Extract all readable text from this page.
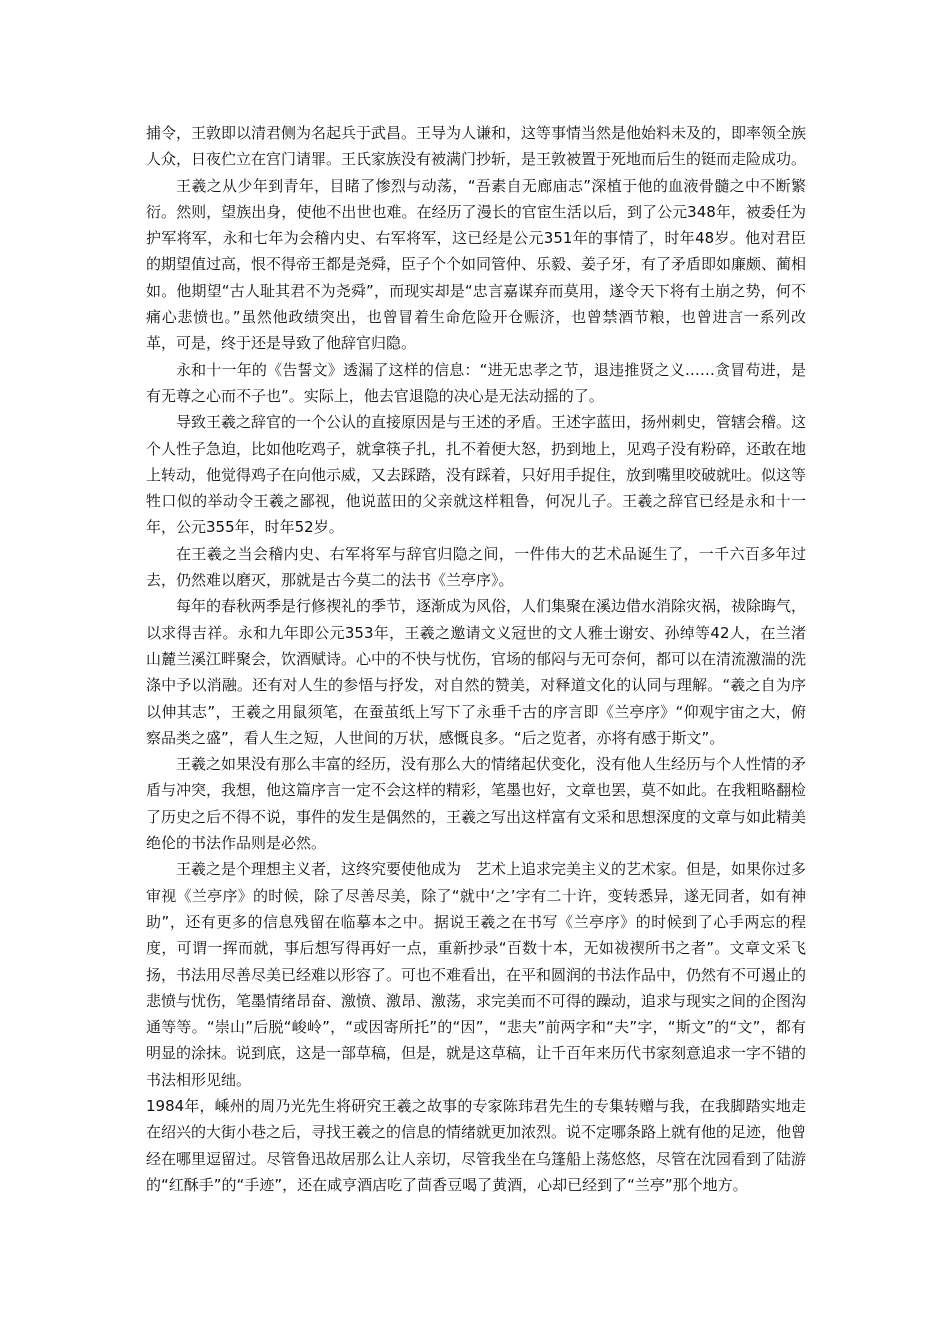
捕令，王敦即以清君侧为名起兵于武昌。王导为人谦和，这等事情当然是他始料未及的，即率领全族人众，日夜伫立在宫门请罪。王氏家族没有被满门抄斩，是王敦被置于死地而后生的铤而走险成功。

王羲之从少年到青年，目睹了惨烈与动荡，“吾素自无廊庙志”深植于他的血液骨髓之中不断繁衍。然则，望族出身，使他不出世也难。在经历了漫长的官宦生活以后，到了公元348年，被委任为护军将军，永和七年为会稽内史、右军将军，这已经是公元351年的事情了，时年48岁。他对君臣的期望值过高，恨不得帝王都是尧舜，臣子个个如同管仲、乐毅、姜子牙，有了矛盾即如廉颇、蔺相如。他期望“古人耻其君不为尧舜”，而现实却是“忠言嘉谋弃而莫用，遂令天下将有土崩之势，何不痛心悲愤也。”虽然他政绩突出，也曾冒着生命危险开仓赈济，也曾禁酒节粮，也曾进言一系列改革，可是，终于还是导致了他辞官归隐。

永和十一年的《告誓文》透漏了这样的信息：“进无忠孝之节，退违推贤之义……贪冒苟进，是有无尊之心而不子也”。实际上，他去官退隐的决心是无法动摇的了。

导致王羲之辞官的一个公认的直接原因是与王述的矛盾。王述字蓝田，扬州刺史，管辖会稽。这个人性子急迫，比如他吃鸡子，就拿筷子扎，扎不着便大怒，扔到地上，见鸡子没有粉碎，还敢在地上转动，他觉得鸡子在向他示威，又去踩踏，没有踩着，只好用手捉住，放到嘴里咬破就吐。似这等牲口似的举动令王羲之鄙视，他说蓝田的父亲就这样粗鲁，何况儿子。王羲之辞官已经是永和十一年，公元355年，时年52岁。

在王羲之当会稽内史、右军将军与辞官归隐之间，一件伟大的艺术品诞生了，一千六百多年过去，仍然难以磨灭，那就是古今莫二的法书《兰亭序》。

每年的春秋两季是行修禊礼的季节，逐渐成为风俗，人们集聚在溪边借水消除灾祸，祓除晦气，以求得吉祥。永和九年即公元353年，王羲之邀请文义冠世的文人雅士谢安、孙绰等42人，在兰渚山麓兰溪江畔聚会，饮酒赋诗。心中的不快与忧伤，官场的郁闷与无可奈何，都可以在清流激湍的洗涤中予以消融。还有对人生的参悟与抒发，对自然的赞美，对释道文化的认同与理解。“羲之自为序以伸其志”，王羲之用鼠须笔，在蚕茧纸上写下了永垂千古的序言即《兰亭序》“仰观宇宙之大，俯察品类之盛”，看人生之短，人世间的万状，感慨良多。“后之览者，亦将有感于斯文”。

王羲之如果没有那么丰富的经历，没有那么大的情绪起伏变化，没有他人生经历与个人性情的矛盾与冲突，我想，他这篇序言一定不会这样的精彩，笔墨也好，文章也罢，莫不如此。在我粗略翻检了历史之后不得不说，事件的发生是偶然的，王羲之写出这样富有文采和思想深度的文章与如此精美绝伦的书法作品则是必然。

王羲之是个理想主义者，这终究要使他成为　艺术上追求完美主义的艺术家。但是，如果你过多审视《兰亭序》的时候，除了尽善尽美，除了“就中‘之’字有二十许，变转悉异，遂无同者，如有神助”，还有更多的信息残留在临摹本之中。据说王羲之在书写《兰亭序》的时候到了心手两忘的程度，可谓一挥而就，事后想写得再好一点，重新抄录“百数十本，无如祓禊所书之者”。文章文采飞扬，书法用尽善尽美已经难以形容了。可也不难看出，在平和圆润的书法作品中，仍然有不可遏止的悲愤与忧伤，笔墨情绪昂奋、激愤、激昂、激荡，求完美而不可得的躁动，追求与现实之间的企图沟通等等。“崇山”后脱“峻岭”，“或因寄所托”的“因”，“悲夫”前两字和“夫”字，“斯文”的“文”，都有明显的涂抹。说到底，这是一部草稿，但是，就是这草稿，让千百年来历代书家刻意追求一字不错的书法相形见绌。

1984年，嵊州的周乃光先生将研究王羲之故事的专家陈玮君先生的专集转赠与我，在我脚踏实地走在绍兴的大街小巷之后，寻找王羲之的信息的情绪就更加浓烈。说不定哪条路上就有他的足迹，他曾经在哪里逗留过。尽管鲁迅故居那么让人亲切，尽管我坐在乌篷船上荡悠悠，尽管在沈园看到了陆游的“红酥手”的“手迹”，还在咸亨酒店吃了茴香豆喝了黄酒，心却已经到了“兰亭”那个地方。
